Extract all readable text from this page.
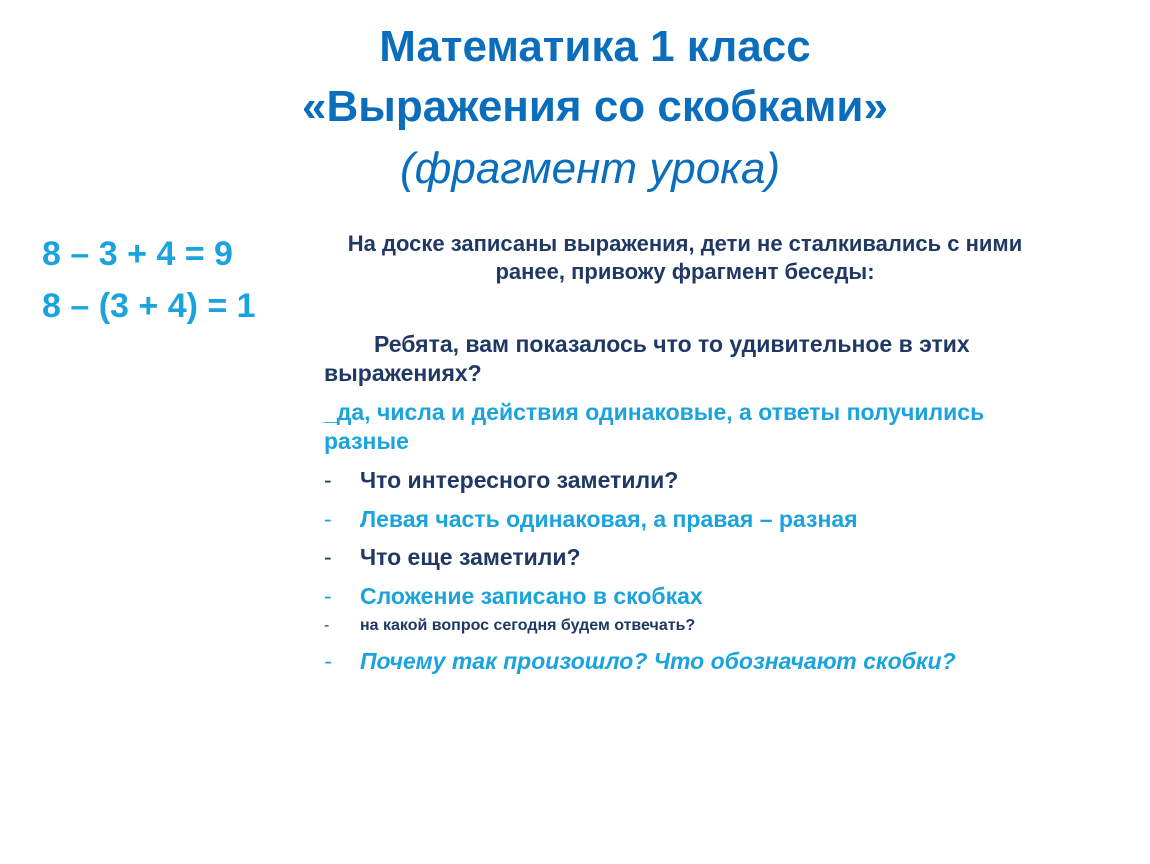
Математика 1 класс
«Выражения со скобками»
(фрагмент урока)
8 – 3 + 4 = 9
8 – (3 + 4) = 1
На доске записаны выражения, дети не сталкивались с ними ранее, привожу фрагмент беседы:
Ребята, вам показалось что то удивительное в этих выражениях?
_да, числа и действия одинаковые, а ответы получились разные
- Что интересного заметили?
- Левая часть одинаковая, а правая – разная
- Что еще заметили?
- Сложение записано в скобках
- на какой вопрос сегодня будем отвечать?
- Почему так произошло? Что обозначают скобки?
